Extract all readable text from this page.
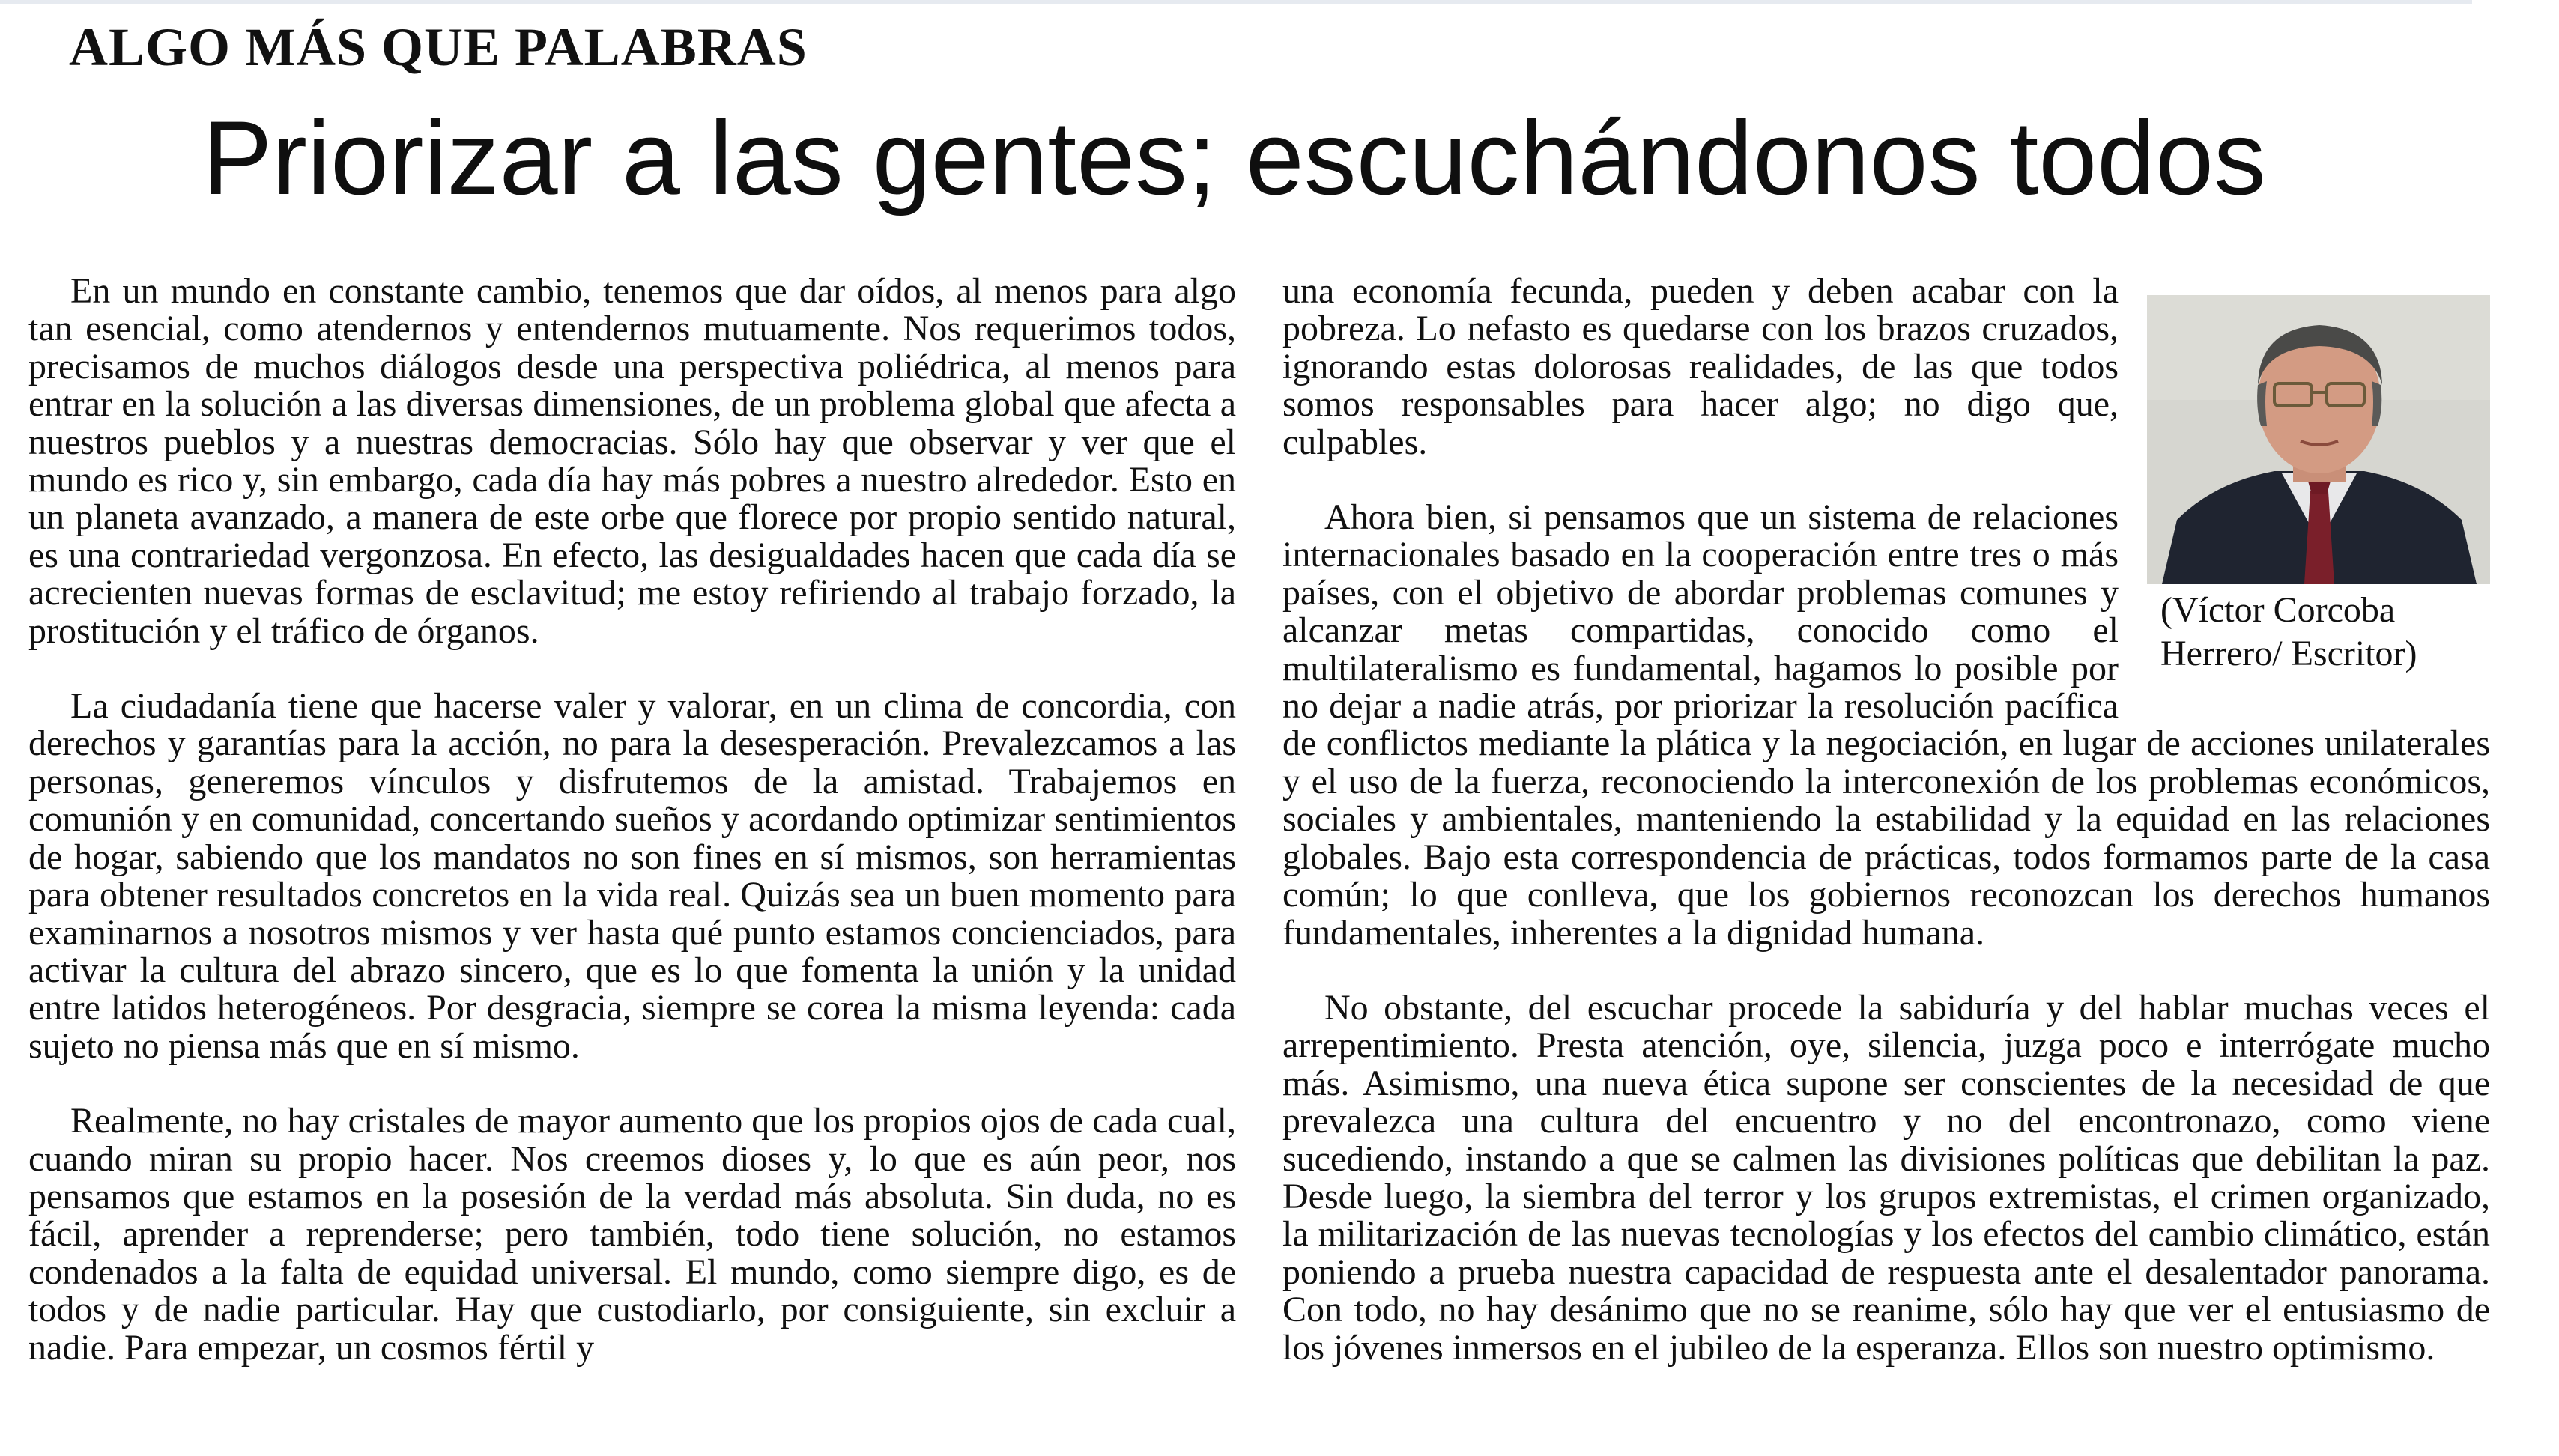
ALGO MÁS QUE PALABRAS
Priorizar a las gentes; escuchándonos todos

En un mundo en constante cambio, tenemos que dar oídos, al menos para algo tan esencial, como atendernos y entendernos mutuamente. Nos requerimos todos, precisamos de muchos diálogos desde una perspectiva poliédrica, al menos para entrar en la solución a las diversas dimensiones, de un problema global que afecta a nuestros pueblos y a nuestras democracias. Sólo hay que observar y ver que el mundo es rico y, sin embargo, cada día hay más pobres a nuestro alrededor. Esto en un planeta avanzado, a manera de este orbe que florece por propio sentido natural, es una contrariedad vergonzosa. En efecto, las desigualdades hacen que cada día se acrecienten nuevas formas de esclavitud; me estoy refiriendo al trabajo forzado, la prostitución y el tráfico de órganos.

La ciudadanía tiene que hacerse valer y valorar, en un clima de concordia, con derechos y garantías para la acción, no para la desesperación. Prevalezcamos a las personas, generemos vínculos y disfrutemos de la amistad. Trabajemos en comunión y en comunidad, concertando sueños y acordando optimizar sentimientos de hogar, sabiendo que los mandatos no son fines en sí mismos, son herramientas para obtener resultados concretos en la vida real. Quizás sea un buen momento para examinarnos a nosotros mismos y ver hasta qué punto estamos concienciados, para activar la cultura del abrazo sincero, que es lo que fomenta la unión y la unidad entre latidos heterogéneos. Por desgracia, siempre se corea la misma leyenda: cada sujeto no piensa más que en sí mismo.

Realmente, no hay cristales de mayor aumento que los propios ojos de cada cual, cuando miran su propio hacer. Nos creemos dioses y, lo que es aún peor, nos pensamos que estamos en la posesión de la verdad más absoluta. Sin duda, no es fácil, aprender a reprenderse; pero también, todo tiene solución, no estamos condenados a la falta de equidad universal. El mundo, como siempre digo, es de todos y de nadie particular. Hay que custodiarlo, por consiguiente, sin excluir a nadie. Para empezar, un cosmos fértil y

(Víctor Corcoba
Herrero/ Escritor)

una economía fecunda, pueden y deben acabar con la pobreza. Lo nefasto es quedarse con los brazos cruzados, ignorando estas dolorosas realidades, de las que todos somos responsables para hacer algo; no digo que, culpables.

Ahora bien, si pensamos que un sistema de relaciones internacionales basado en la cooperación entre tres o más países, con el objetivo de abordar problemas comunes y alcanzar metas compartidas, conocido como el multilateralismo es fundamental, hagamos lo posible por no dejar a nadie atrás, por priorizar la resolución pacífica de conflictos mediante la plática y la negociación, en lugar de acciones unilaterales y el uso de la fuerza, reconociendo la interconexión de los problemas económicos, sociales y ambientales, manteniendo la estabilidad y la equidad en las relaciones globales. Bajo esta correspondencia de prácticas, todos formamos parte de la casa común; lo que conlleva, que los gobiernos reconozcan los derechos humanos fundamentales, inherentes a la dignidad humana.

No obstante, del escuchar procede la sabiduría y del hablar muchas veces el arrepentimiento. Presta atención, oye, silencia, juzga poco e interrógate mucho más. Asimismo, una nueva ética supone ser conscientes de la necesidad de que prevalezca una cultura del encuentro y no del encontronazo, como viene sucediendo, instando a que se calmen las divisiones políticas que debilitan la paz. Desde luego, la siembra del terror y los grupos extremistas, el crimen organizado, la militarización de las nuevas tecnologías y los efectos del cambio climático, están poniendo a prueba nuestra capacidad de respuesta ante el desalentador panorama. Con todo, no hay desánimo que no se reanime, sólo hay que ver el entusiasmo de los jóvenes inmersos en el jubileo de la esperanza. Ellos son nuestro optimismo.
